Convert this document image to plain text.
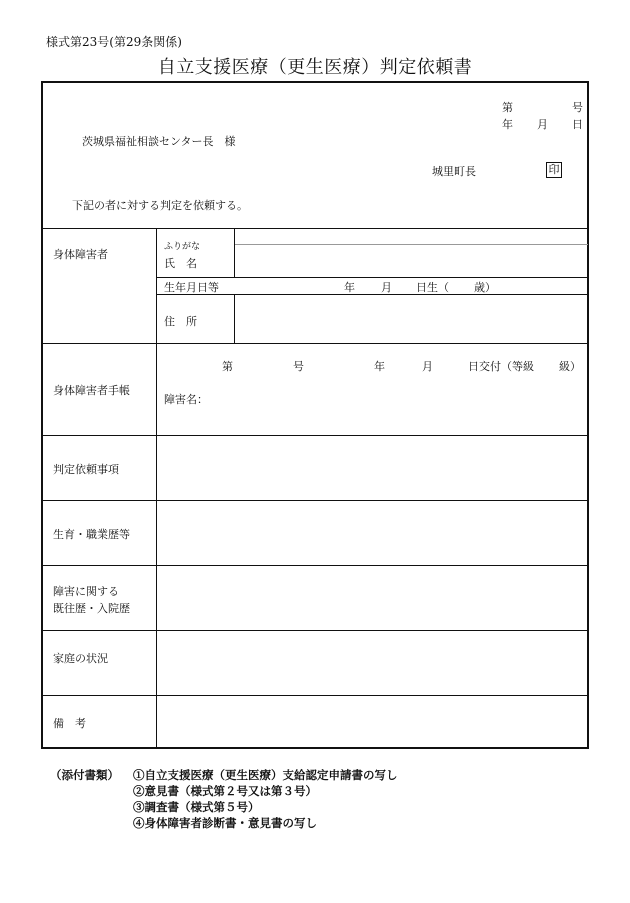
様式第23号(第29条関係)
自立支援医療（更生医療）判定依頼書
第	号
年 月 日
茨城県福祉相談センター長　様
城里町長	印
下記の者に対する判定を依頼する。
身体障害者
ふりがな
氏　名
生年月日等	年 月 日生（ 歳）
住　所
身体障害者手帳
第	号	年	月	日交付（等級 級）
障害名：
判定依頼事項
生育・職業歴等
障害に関する
既往歴・入院歴
家庭の状況
備　考
（添付書類） ①自立支援医療（更生医療）支給認定申請書の写し
②意見書（様式第２号又は第３号）
③調査書（様式第５号）
④身体障害者診断書・意見書の写し
